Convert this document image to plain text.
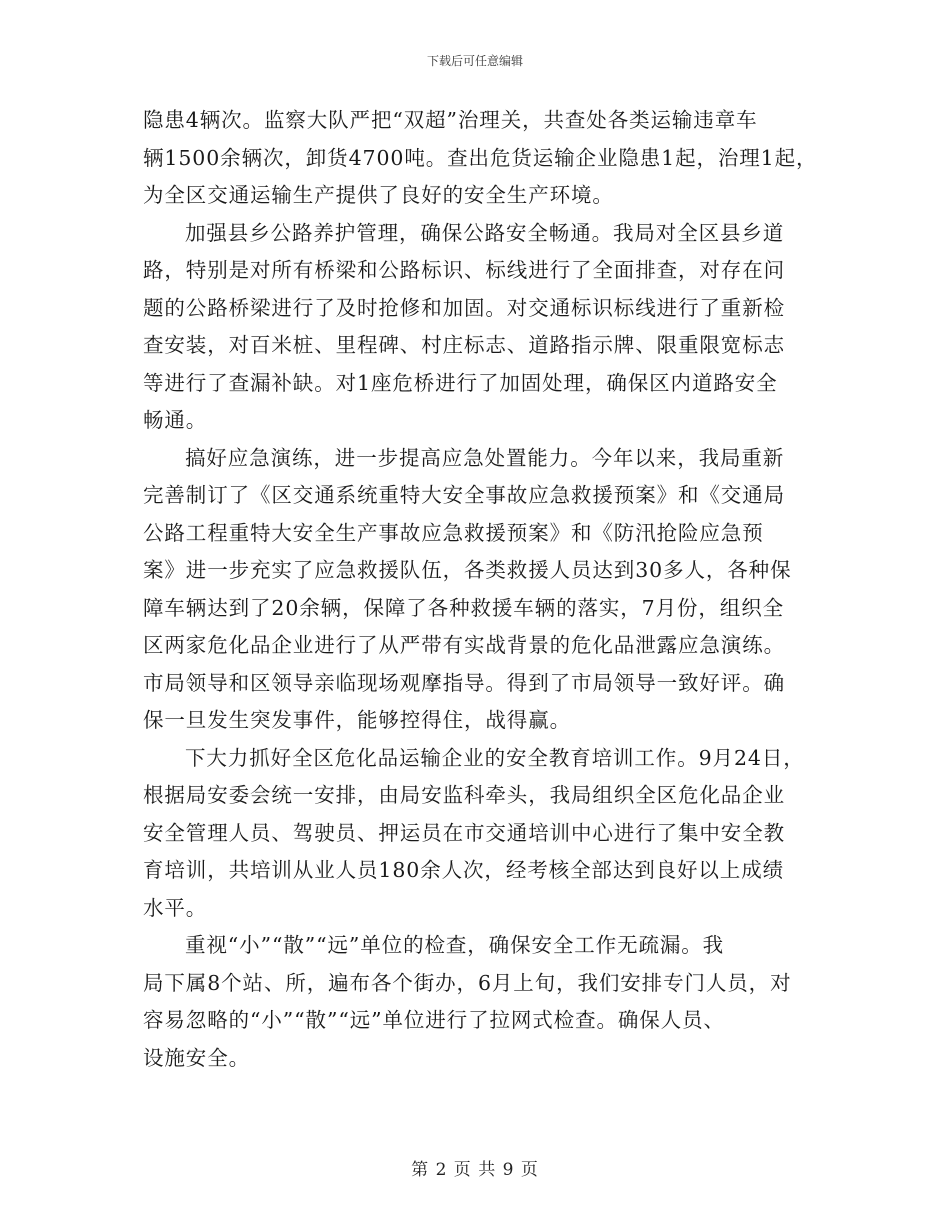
下载后可任意编辑
隐患4辆次。监察大队严把“双超”治理关，共查处各类运输违章车
辆1500余辆次，卸货4700吨。查出危货运输企业隐患1起，治理1起，
为全区交通运输生产提供了良好的安全生产环境。
加强县乡公路养护管理，确保公路安全畅通。我局对全区县乡道
路，特别是对所有桥梁和公路标识、标线进行了全面排查，对存在问
题的公路桥梁进行了及时抢修和加固。对交通标识标线进行了重新检
查安装，对百米桩、里程碑、村庄标志、道路指示牌、限重限宽标志
等进行了查漏补缺。对1座危桥进行了加固处理，确保区内道路安全
畅通。
搞好应急演练，进一步提高应急处置能力。今年以来，我局重新
完善制订了《区交通系统重特大安全事故应急救援预案》和《交通局
公路工程重特大安全生产事故应急救援预案》和《防汛抢险应急预
案》进一步充实了应急救援队伍，各类救援人员达到30多人，各种保
障车辆达到了20余辆，保障了各种救援车辆的落实，7月份，组织全
区两家危化品企业进行了从严带有实战背景的危化品泄露应急演练。
市局领导和区领导亲临现场观摩指导。得到了市局领导一致好评。确
保一旦发生突发事件，能够控得住，战得赢。
下大力抓好全区危化品运输企业的安全教育培训工作。9月24日，
根据局安委会统一安排，由局安监科牵头，我局组织全区危化品企业
安全管理人员、驾驶员、押运员在市交通培训中心进行了集中安全教
育培训，共培训从业人员180余人次，经考核全部达到良好以上成绩
水平。
重视“小”“散”“远”单位的检查，确保安全工作无疏漏。我
局下属8个站、所，遍布各个街办，6月上旬，我们安排专门人员，对
容易忽略的“小”“散”“远”单位进行了拉网式检查。确保人员、
设施安全。
第 2 页 共 9 页
